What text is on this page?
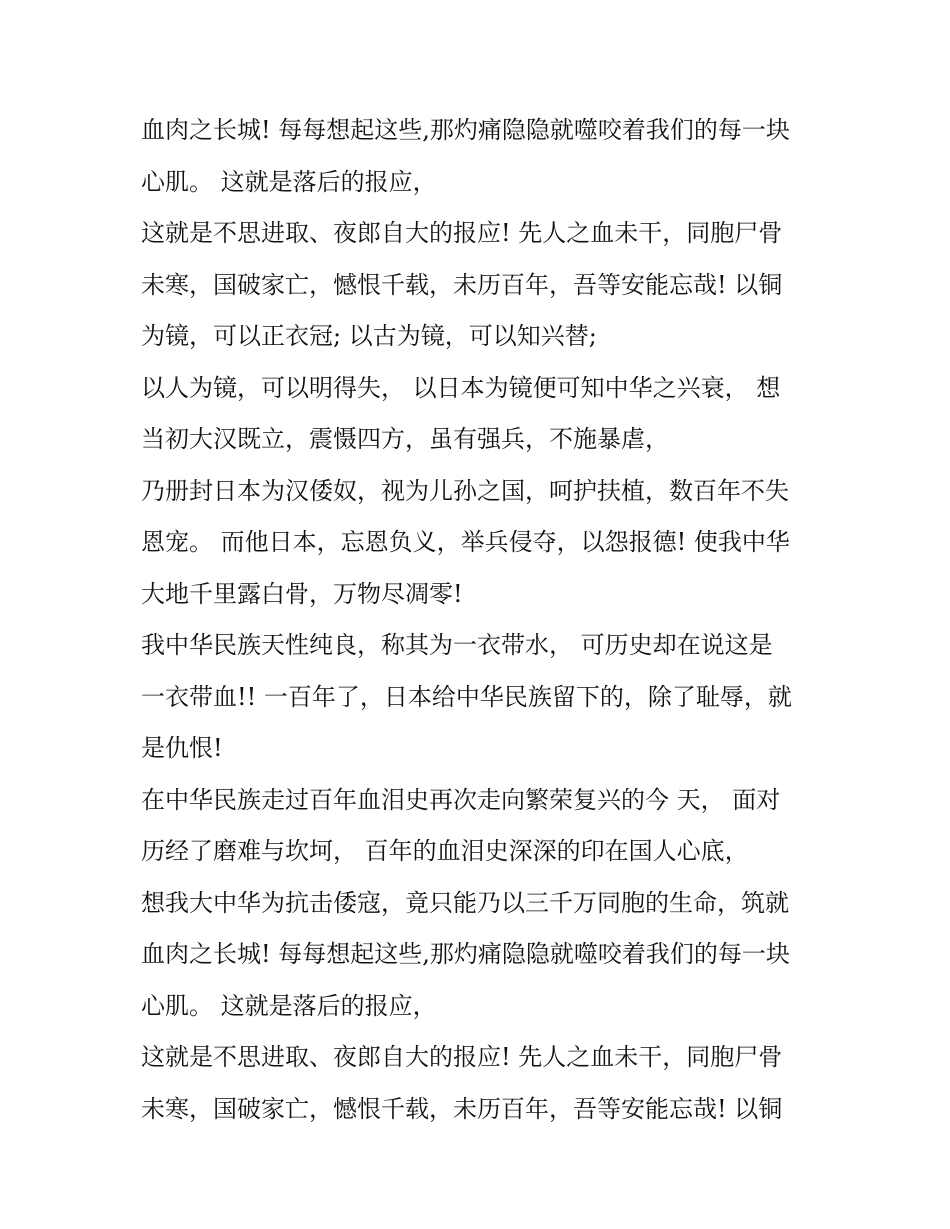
血肉之长城! 每每想起这些,那灼痛隐隐就噬咬着我们的每一块
心肌。 这就是落后的报应，
这就是不思进取、夜郎自大的报应! 先人之血未干，同胞尸骨
未寒，国破家亡，憾恨千载，未历百年，吾等安能忘哉! 以铜
为镜，可以正衣冠; 以古为镜，可以知兴替;
以人为镜，可以明得失， 以日本为镜便可知中华之兴衰， 想
当初大汉既立，震慑四方，虽有强兵，不施暴虐，
乃册封日本为汉倭奴，视为儿孙之国，呵护扶植，数百年不失
恩宠。 而他日本，忘恩负义，举兵侵夺，以怨报德! 使我中华
大地千里露白骨，万物尽凋零!
我中华民族天性纯良，称其为一衣带水， 可历史却在说这是
一衣带血!! 一百年了，日本给中华民族留下的，除了耻辱，就
是仇恨!
在中华民族走过百年血泪史再次走向繁荣复兴的今 天， 面对
历经了磨难与坎坷， 百年的血泪史深深的印在国人心底，
想我大中华为抗击倭寇，竟只能乃以三千万同胞的生命，筑就
血肉之长城! 每每想起这些,那灼痛隐隐就噬咬着我们的每一块
心肌。 这就是落后的报应，
这就是不思进取、夜郎自大的报应! 先人之血未干，同胞尸骨
未寒，国破家亡，憾恨千载，未历百年，吾等安能忘哉! 以铜
